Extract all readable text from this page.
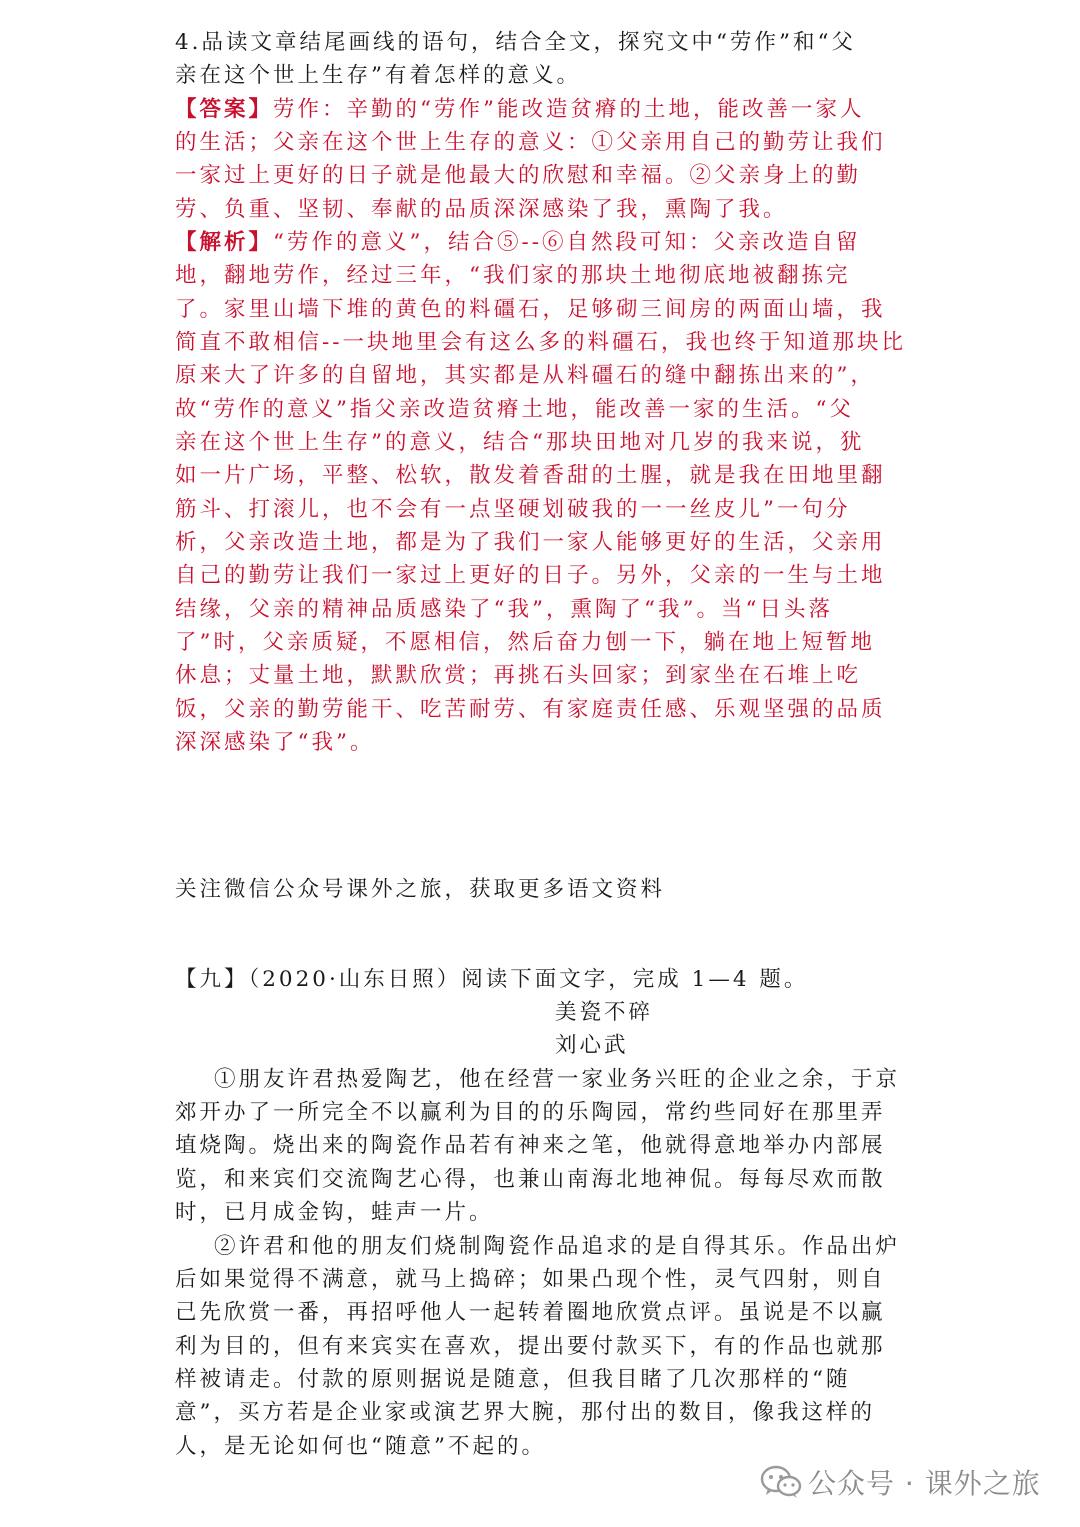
4.品读文章结尾画线的语句，结合全文，探究文中“劳作”和“父
亲在这个世上生存”有着怎样的意义。
【答案】劳作：辛勤的“劳作”能改造贫瘠的土地，能改善一家人
的生活；父亲在这个世上生存的意义：①父亲用自己的勤劳让我们
一家过上更好的日子就是他最大的欣慰和幸福。②父亲身上的勤
劳、负重、坚韧、奉献的品质深深感染了我，熏陶了我。
【解析】“劳作的意义”，结合⑤--⑥自然段可知：父亲改造自留
地，翻地劳作，经过三年，“我们家的那块土地彻底地被翻拣完
了。家里山墙下堆的黄色的料礓石，足够砌三间房的两面山墙，我
简直不敢相信--一块地里会有这么多的料礓石，我也终于知道那块比
原来大了许多的自留地，其实都是从料礓石的缝中翻拣出来的”，
故“劳作的意义”指父亲改造贫瘠土地，能改善一家的生活。“父
亲在这个世上生存”的意义，结合“那块田地对几岁的我来说，犹
如一片广场，平整、松软，散发着香甜的土腥，就是我在田地里翻
筋斗、打滚儿，也不会有一点坚硬划破我的一一丝皮儿”一句分
析，父亲改造土地，都是为了我们一家人能够更好的生活，父亲用
自己的勤劳让我们一家过上更好的日子。另外，父亲的一生与土地
结缘，父亲的精神品质感染了“我”，熏陶了“我”。当“日头落
了”时，父亲质疑，不愿相信，然后奋力刨一下，躺在地上短暂地
休息；丈量土地，默默欣赏；再挑石头回家；到家坐在石堆上吃
饭，父亲的勤劳能干、吃苦耐劳、有家庭责任感、乐观坚强的品质
深深感染了“我”。
关注微信公众号课外之旅，获取更多语文资料
【九】（2020·山东日照）阅读下面文字，完成 1—4 题。
美瓷不碎
刘心武
①朋友许君热爱陶艺，他在经营一家业务兴旺的企业之余，于京
郊开办了一所完全不以赢利为目的的乐陶园，常约些同好在那里弄
埴烧陶。烧出来的陶瓷作品若有神来之笔，他就得意地举办内部展
览，和来宾们交流陶艺心得，也兼山南海北地神侃。每每尽欢而散
时，已月成金钩，蛙声一片。
②许君和他的朋友们烧制陶瓷作品追求的是自得其乐。作品出炉
后如果觉得不满意，就马上捣碎；如果凸现个性，灵气四射，则自
己先欣赏一番，再招呼他人一起转着圈地欣赏点评。虽说是不以赢
利为目的，但有来宾实在喜欢，提出要付款买下，有的作品也就那
样被请走。付款的原则据说是随意，但我目睹了几次那样的“随
意”，买方若是企业家或演艺界大腕，那付出的数目，像我这样的
人，是无论如何也“随意”不起的。
公众号 · 课外之旅
